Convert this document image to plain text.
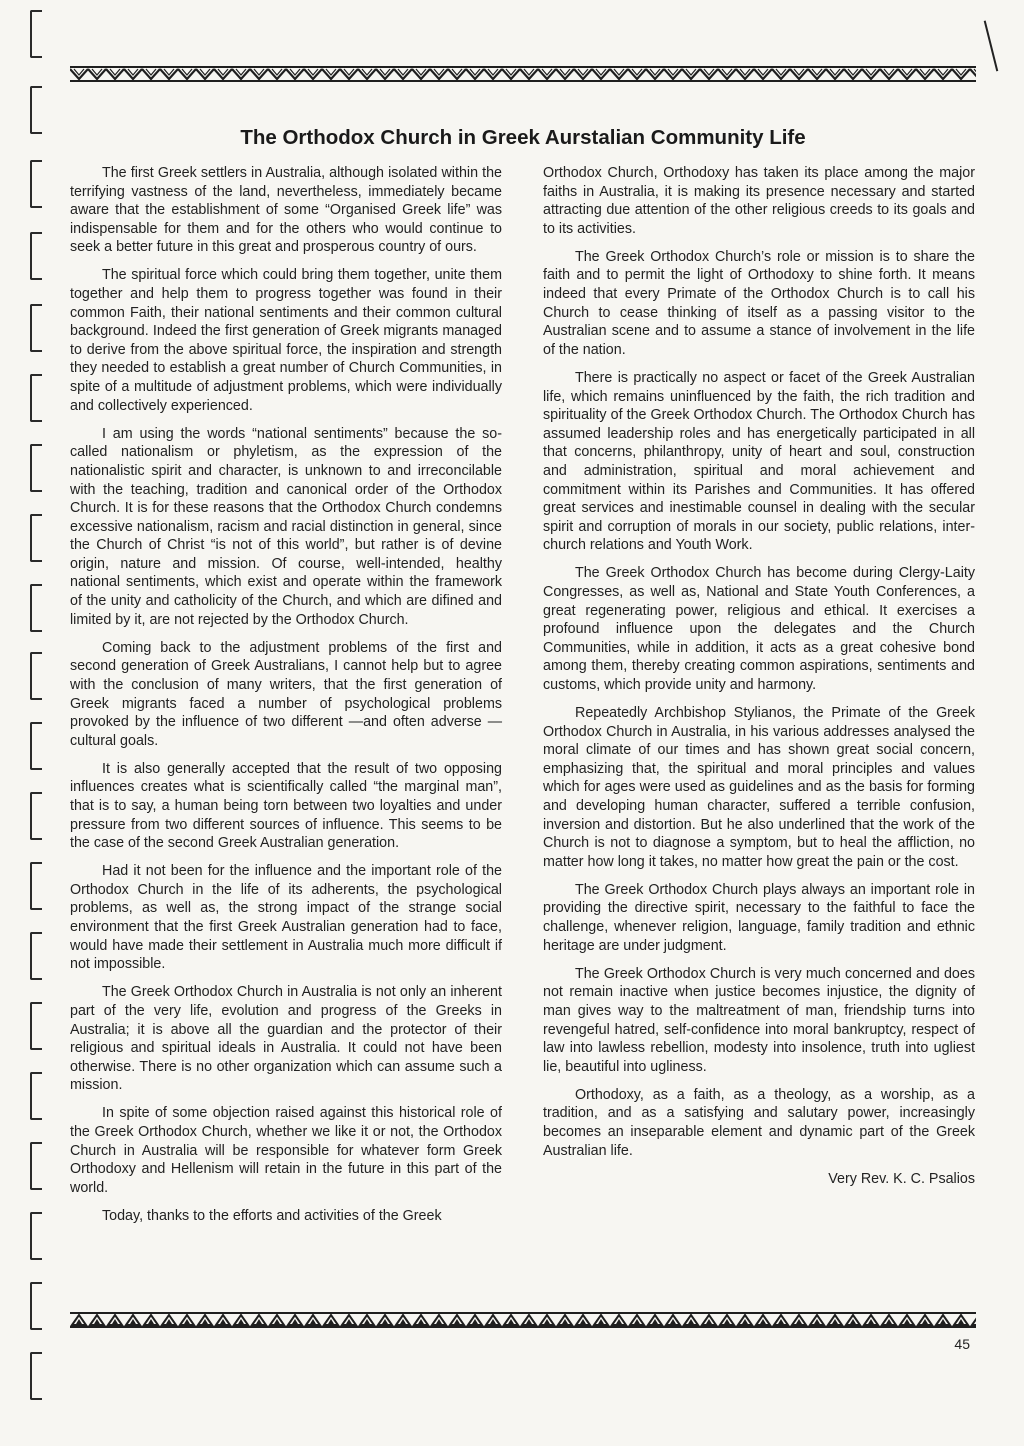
The Orthodox Church in Greek Aurstalian Community Life

The first Greek settlers in Australia, although isolated within the terrifying vastness of the land, nevertheless, immediately became aware that the establishment of some “Organised Greek life” was indispensable for them and for the others who would continue to seek a better future in this great and prosperous country of ours.

The spiritual force which could bring them together, unite them together and help them to progress together was found in their common Faith, their national sentiments and their common cultural background. Indeed the first generation of Greek migrants managed to derive from the above spiritual force, the inspiration and strength they needed to establish a great number of Church Communities, in spite of a multitude of adjustment problems, which were individually and collectively experienced.

I am using the words “national sentiments” because the so-called nationalism or phyletism, as the expression of the nationalistic spirit and character, is unknown to and irreconcilable with the teaching, tradition and canonical order of the Orthodox Church. It is for these reasons that the Orthodox Church condemns excessive nationalism, racism and racial distinction in general, since the Church of Christ “is not of this world”, but rather is of devine origin, nature and mission. Of course, well-intended, healthy national sentiments, which exist and operate within the framework of the unity and catholicity of the Church, and which are difined and limited by it, are not rejected by the Orthodox Church.

Coming back to the adjustment problems of the first and second generation of Greek Australians, I cannot help but to agree with the conclusion of many writers, that the first generation of Greek migrants faced a number of psychological problems provoked by the influence of two different —and often adverse — cultural goals.

It is also generally accepted that the result of two opposing influences creates what is scientifically called “the marginal man”, that is to say, a human being torn between two loyalties and under pressure from two different sources of influence. This seems to be the case of the second Greek Australian generation.

Had it not been for the influence and the important role of the Orthodox Church in the life of its adherents, the psychological problems, as well as, the strong impact of the strange social environment that the first Greek Australian generation had to face, would have made their settlement in Australia much more difficult if not impossible.

The Greek Orthodox Church in Australia is not only an inherent part of the very life, evolution and progress of the Greeks in Australia; it is above all the guardian and the protector of their religious and spiritual ideals in Australia. It could not have been otherwise. There is no other organization which can assume such a mission.

In spite of some objection raised against this historical role of the Greek Orthodox Church, whether we like it or not, the Orthodox Church in Australia will be responsible for whatever form Greek Orthodoxy and Hellenism will retain in the future in this part of the world.

Today, thanks to the efforts and activities of the Greek

Orthodox Church, Orthodoxy has taken its place among the major faiths in Australia, it is making its presence necessary and started attracting due attention of the other religious creeds to its goals and to its activities.

The Greek Orthodox Church’s role or mission is to share the faith and to permit the light of Orthodoxy to shine forth. It means indeed that every Primate of the Orthodox Church is to call his Church to cease thinking of itself as a passing visitor to the Australian scene and to assume a stance of involvement in the life of the nation.

There is practically no aspect or facet of the Greek Australian life, which remains uninfluenced by the faith, the rich tradition and spirituality of the Greek Orthodox Church. The Orthodox Church has assumed leadership roles and has energetically participated in all that concerns, philanthropy, unity of heart and soul, construction and administration, spiritual and moral achievement and commitment within its Parishes and Communities. It has offered great services and inestimable counsel in dealing with the secular spirit and corruption of morals in our society, public relations, inter-church relations and Youth Work.

The Greek Orthodox Church has become during Clergy-Laity Congresses, as well as, National and State Youth Conferences, a great regenerating power, religious and ethical. It exercises a profound influence upon the delegates and the Church Communities, while in addition, it acts as a great cohesive bond among them, thereby creating common aspirations, sentiments and customs, which provide unity and harmony.

Repeatedly Archbishop Stylianos, the Primate of the Greek Orthodox Church in Australia, in his various addresses analysed the moral climate of our times and has shown great social concern, emphasizing that, the spiritual and moral principles and values which for ages were used as guidelines and as the basis for forming and developing human character, suffered a terrible confusion, inversion and distortion. But he also underlined that the work of the Church is not to diagnose a symptom, but to heal the affliction, no matter how long it takes, no matter how great the pain or the cost.

The Greek Orthodox Church plays always an important role in providing the directive spirit, necessary to the faithful to face the challenge, whenever religion, language, family tradition and ethnic heritage are under judgment.

The Greek Orthodox Church is very much concerned and does not remain inactive when justice becomes injustice, the dignity of man gives way to the maltreatment of man, friendship turns into revengeful hatred, self-confidence into moral bankruptcy, respect of law into lawless rebellion, modesty into insolence, truth into ugliest lie, beautiful into ugliness.

Orthodoxy, as a faith, as a theology, as a worship, as a tradition, and as a satisfying and salutary power, increasingly becomes an inseparable element and dynamic part of the Greek Australian life.

Very Rev. K. C. Psalios
45
